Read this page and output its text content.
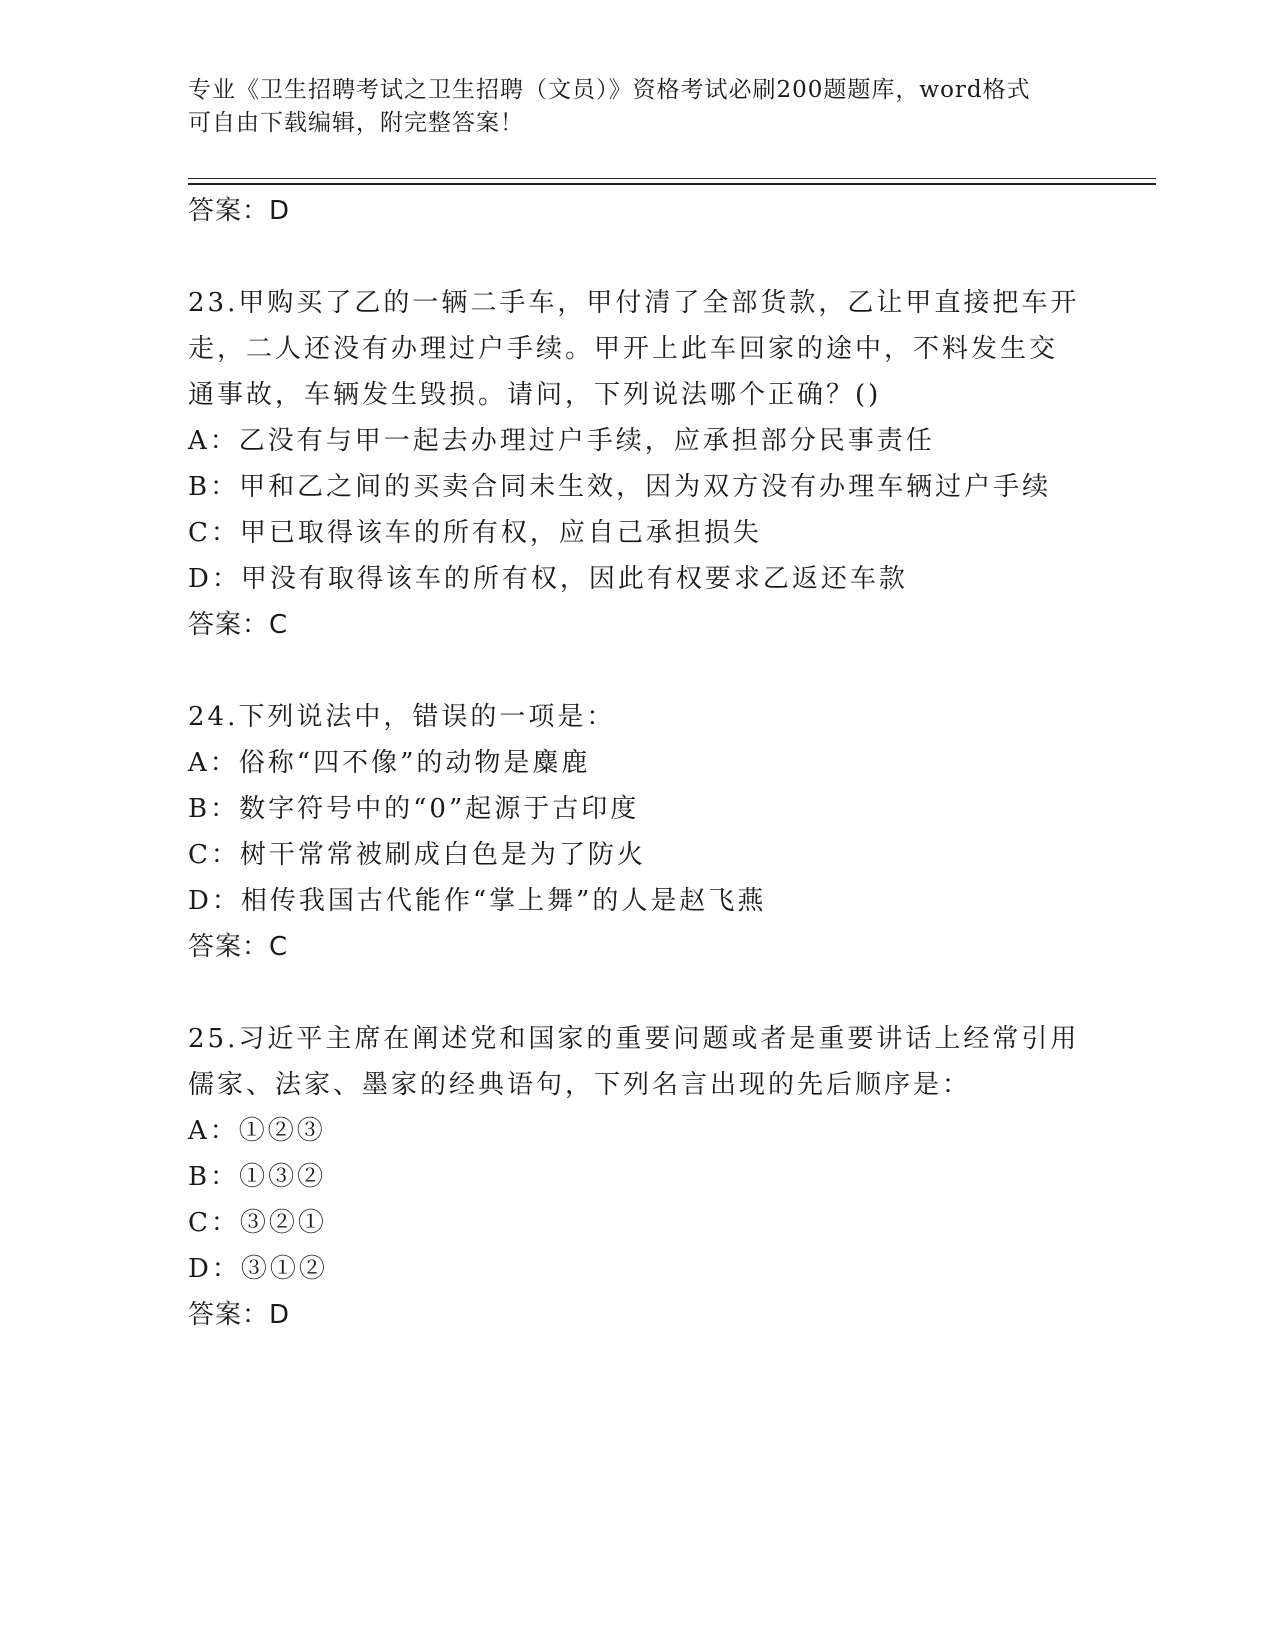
专业《卫生招聘考试之卫生招聘（文员）》资格考试必刷200题题库，word格式
可自由下载编辑，附完整答案！
答案：D
23.甲购买了乙的一辆二手车，甲付清了全部货款，乙让甲直接把车开
走，二人还没有办理过户手续。甲开上此车回家的途中，不料发生交
通事故，车辆发生毁损。请问，下列说法哪个正确？()
A：乙没有与甲一起去办理过户手续，应承担部分民事责任
B：甲和乙之间的买卖合同未生效，因为双方没有办理车辆过户手续
C：甲已取得该车的所有权，应自己承担损失
D：甲没有取得该车的所有权，因此有权要求乙返还车款
答案：C
24.下列说法中，错误的一项是：
A：俗称“四不像”的动物是麋鹿
B：数字符号中的“0”起源于古印度
C：树干常常被刷成白色是为了防火
D：相传我国古代能作“掌上舞”的人是赵飞燕
答案：C
25.习近平主席在阐述党和国家的重要问题或者是重要讲话上经常引用
儒家、法家、墨家的经典语句，下列名言出现的先后顺序是：
A：①②③
B：①③②
C：③②①
D：③①②
答案：D
